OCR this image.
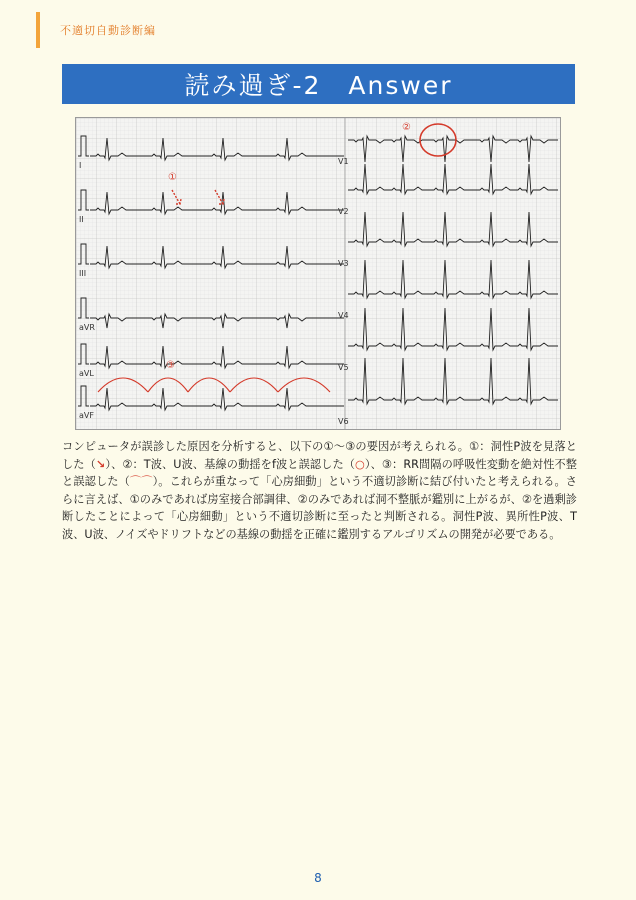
不適切自動診断編
読み過ぎ-2　Answer
I
II
III
aVR
aVL
aVF
V1
V2
V3
V4
V5
V6
①
②
③
コンピュータが誤診した原因を分析すると、以下の①～③の要因が考えられる。①：洞性P波を見落とした（↘）、②：T波、U波、基線の動揺をf波と誤認した（○）、③：RR間隔の呼吸性変動を絶対性不整と誤認した（⌒⌒）。これらが重なって「心房細動」という不適切診断に結び付いたと考えられる。さらに言えば、①のみであれば房室接合部調律、②のみであれば洞不整脈が鑑別に上がるが、②を過剰診断したことによって「心房細動」という不適切診断に至ったと判断される。洞性P波、異所性P波、T波、U波、ノイズやドリフトなどの基線の動揺を正確に鑑別するアルゴリズムの開発が必要である。
8
